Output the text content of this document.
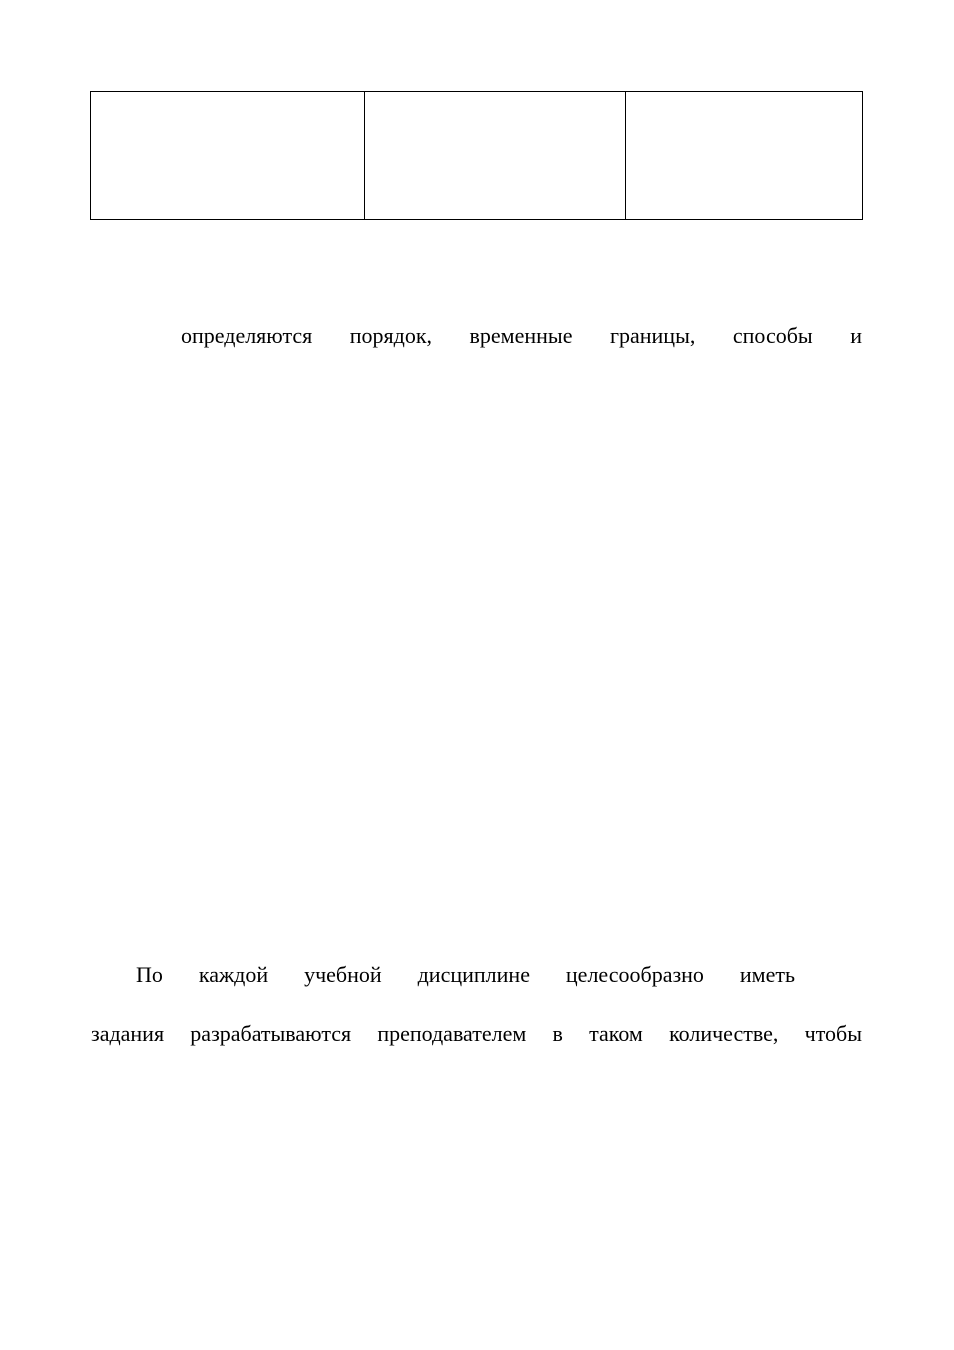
определяются порядок, временные границы, способы и
По каждой учебной дисциплине целесообразно иметь
задания разрабатываются преподавателем в таком количестве, чтобы
